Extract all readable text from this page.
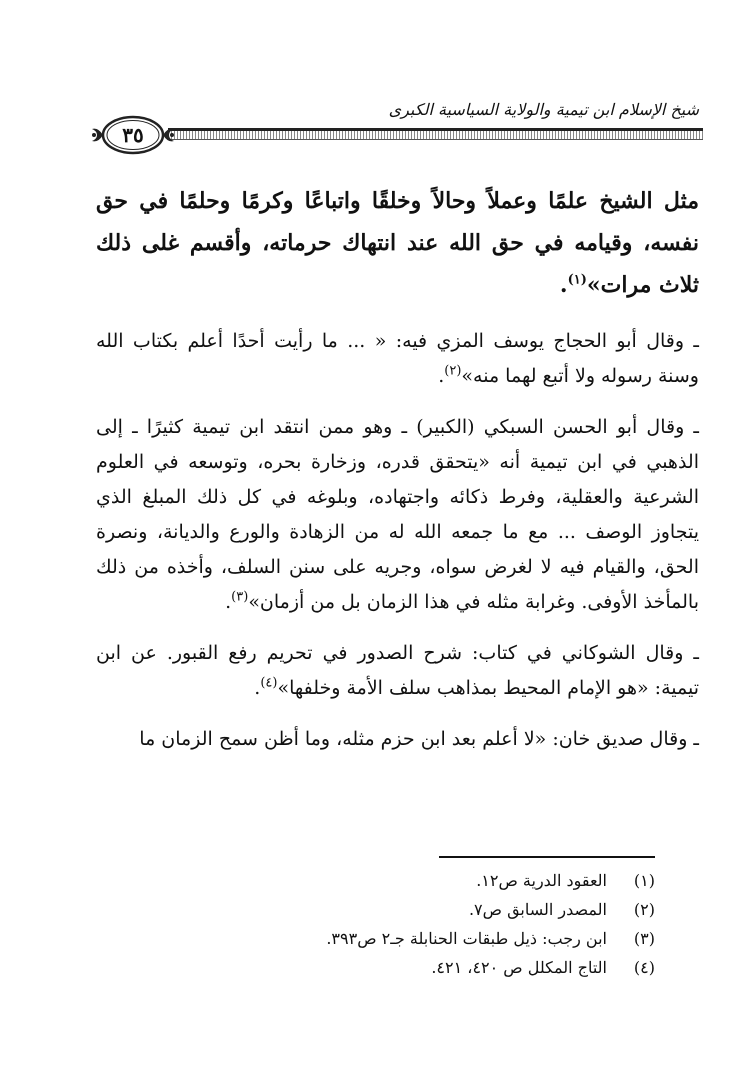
شيخ الإسلام ابن تيمية والولاية السياسية الكبرى
٣٥

مثل الشيخ علمًا وعملاً وحالاً وخلقًا واتباعًا وكرمًا وحلمًا في حق نفسه، وقيامه في حق الله عند انتهاك حرماته، وأقسم غلى ذلك ثلاث مرات»$^{(١)}$.

ـ وقال أبو الحجاج يوسف المزي فيه: « ... ما رأيت أحدًا أعلم بكتاب الله وسنة رسوله ولا أتبع لهما منه»$^{(٢)}$.

ـ وقال أبو الحسن السبكي (الكبير) ـ وهو ممن انتقد ابن تيمية كثيرًا ـ إلى الذهبي في ابن تيمية أنه «يتحقق قدره، وزخارة بحره، وتوسعه في العلوم الشرعية والعقلية، وفرط ذكائه واجتهاده، وبلوغه في كل ذلك المبلغ الذي يتجاوز الوصف ... مع ما جمعه الله له من الزهادة والورع والديانة، ونصرة الحق، والقيام فيه لا لغرض سواه، وجريه على سنن السلف، وأخذه من ذلك بالمأخذ الأوفى. وغرابة مثله في هذا الزمان بل من أزمان»$^{(٣)}$.

ـ وقال الشوكاني في كتاب: شرح الصدور في تحريم رفع القبور. عن ابن تيمية: «هو الإمام المحيط بمذاهب سلف الأمة وخلفها»$^{(٤)}$.

ـ وقال صديق خان: «لا أعلم بعد ابن حزم مثله، وما أظن سمح الزمان ما

(١)
العقود الدرية ص١٢.
(٢)
المصدر السابق ص٧.
(٣)
ابن رجب: ذيل طبقات الحنابلة جـ٢ ص٣٩٣.
(٤)
التاج المكلل ص ٤٢٠، ٤٢١.
